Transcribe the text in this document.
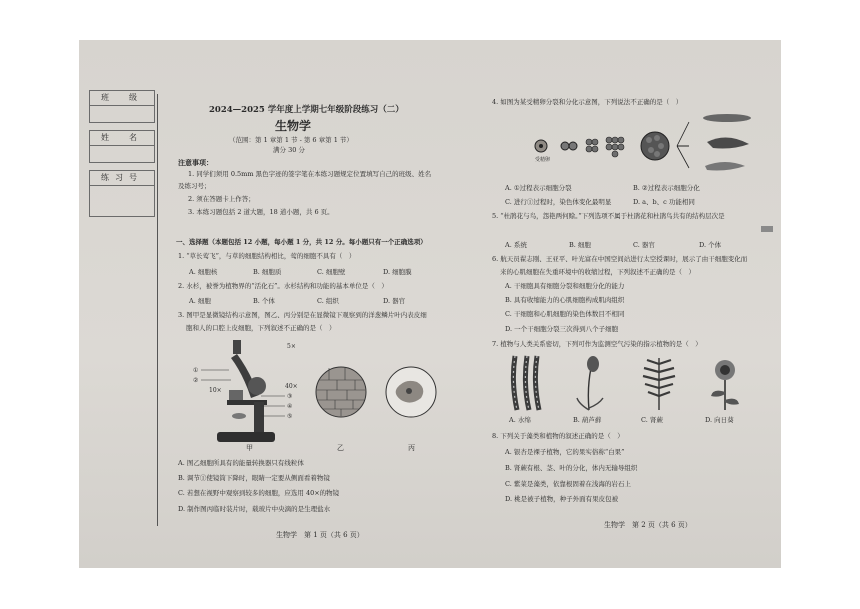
班　级
姓　名
练习号
2024—2025 学年度上学期七年级阶段练习（二）
生物学
（范围：第 1 章第 1 节 - 第 6 章第 1 节）
满分 30 分
注意事项：
1. 同学们须用 0.5mm 黑色字迹的签字笔在本练习题规定位置填写自己的班级、姓名
及练习号；
2. 须在答题卡上作答；
3. 本练习题包括 2 道大题，18 道小题，共 6 页。
一、选择题（本题包括 12 小题，每小题 1 分，共 12 分。每小题只有一个正确选项）
1. “草长莺飞”，与草的细胞结构相比，莺的细胞不具有（　）
A. 细胞核	B. 细胞质	C. 细胞壁	D. 细胞膜
2. 水杉，被誉为植物界的“活化石”。水杉结构和功能的基本单位是（　）
A. 细胞	B. 个体	C. 组织	D. 器官
3. 图甲是显微镜结构示意图，图乙、丙分别是在显微镜下观察到的洋葱鳞片叶内表皮细
胞和人的口腔上皮细胞，下列叙述不正确的是（　）
①
②
③
④
⑤
5×
40×
10×
甲	乙	丙
A. 图乙细胞所具有的能量转换器只有线粒体
B. 调节①使镜筒下降时，眼睛一定要从侧面看着物镜
C. 若想在视野中观察到较多的细胞，应选用 40×的物镜
D. 制作图丙临时装片时，载玻片中央滴的是生理盐水
生物学　第 1 页（共 6 页）
4. 如图为某受精卵分裂和分化示意图，下列说法不正确的是（　）
受精卵
A. ①过程表示细胞分裂	B. ②过程表示细胞分化
C. 进行①过程时，染色体变化最明显	D. a、b、c 功能相同
5. “杜鹃花与鸟，怨艳两何赊。”下列选项不属于杜鹃花和杜鹃鸟共有的结构层次是
A. 系统	B. 细胞	C. 器官	D. 个体
6. 航天员翟志刚、王亚平、叶光富在中国空间站进行太空授课时，展示了由干细胞变化而
来的心肌细胞在失重环境中的收缩过程，下列叙述不正确的是（　）
A. 干细胞具有细胞分裂和细胞分化的能力
B. 具有收缩能力的心肌细胞构成肌肉组织
C. 干细胞和心肌细胞的染色体数目不相同
D. 一个干细胞分裂三次得到八个子细胞
7. 植物与人类关系密切，下列可作为监测空气污染的指示植物的是（　）
A. 水绵	B. 葫芦藓	C. 肾蕨	D. 向日葵
8. 下列关于藻类和植物的叙述正确的是（　）
A. 银杏是裸子植物，它的果实俗称“白果”
B. 肾蕨有根、茎、叶的分化，体内无输导组织
C. 紫菜是藻类，依靠根固着在浅海的岩石上
D. 桃是被子植物，种子外面有果皮包被
生物学　第 2 页（共 6 页）
